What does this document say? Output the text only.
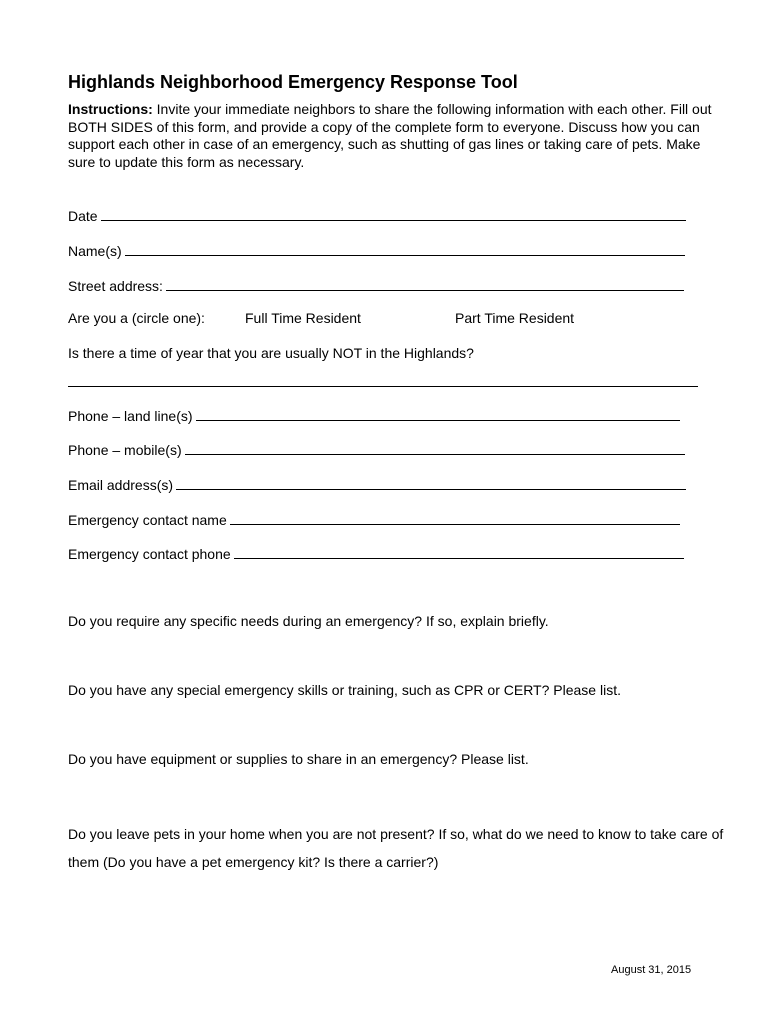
Highlands Neighborhood Emergency Response Tool
Instructions: Invite your immediate neighbors to share the following information with each other. Fill out BOTH SIDES of this form, and provide a copy of the complete form to everyone. Discuss how you can support each other in case of an emergency, such as shutting of gas lines or taking care of pets. Make sure to update this form as necessary.
Date
Name(s)
Street address:
Are you a (circle one):	Full Time Resident	Part Time Resident
Is there a time of year that you are usually NOT in the Highlands?
Phone – land line(s)
Phone – mobile(s)
Email address(s)
Emergency contact name
Emergency contact phone
Do you require any specific needs during an emergency? If so, explain briefly.
Do you have any special emergency skills or training, such as CPR or CERT? Please list.
Do you have equipment or supplies to share in an emergency? Please list.
Do you leave pets in your home when you are not present? If so, what do we need to know to take care of them (Do you have a pet emergency kit? Is there a carrier?)
August 31, 2015
